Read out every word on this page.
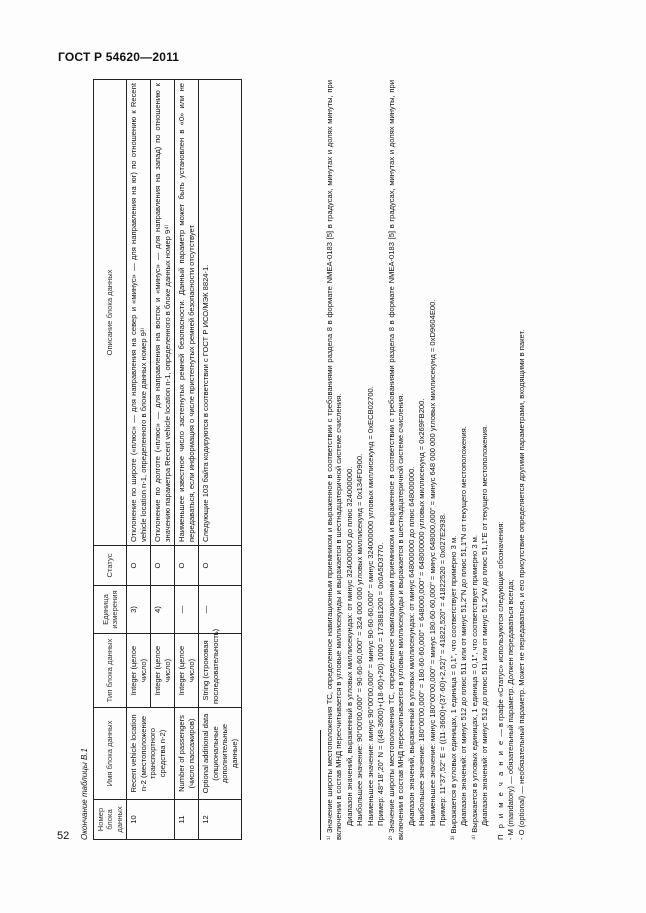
ГОСТ Р 54620—2011
Окончание таблицы В.1 Номер блока данных	Имя блока данных	Тип блока данных	Единица измерения	Статус	Описание блока данных
10	Recent vehicle location n-2 (местоположение транспортного средства n-2)	Integer (целое число)	3)	O	Отклонение по широте («плюс» — для направления на север и «минус» — для направления на юг) по отношению к Recent vehicle location n-1, определенного в блоке данных номер 9³⁾
		Integer (целое число)	4)	O	Отклонение по долготе («плюс» — для направления на восток и «минус» — для направления на запад) по отношению к значению параметра Recent vehicle location n-1, определенного в блоке данных номер 9⁴⁾
11	Number of passengers (число пассажиров)	Integer (целое число)	—	O	Наименьшее известное число застегнутых ремней безопасности. Данный параметр может быть установлен в «0» или не передаваться, если информация о числе пристегнутых ремней безопасности отсутствует
12	Optional additional data (опциональные дополнительные данные)	String (строковая последовательность)	—	O	Следующие 103 байта кодируются в соответствии с ГОСТ Р ИСО/МЭК 8824-1.	¹⁾ Значение широты местоположения ТС, определенное навигационным приемником и выраженное в соответствии с требованиями раздела 8 в формате NMEA-0183 [5] в градусах, минутах и долях минуты, при включении в состав МНД пересчитывается в угловые миллисекунды и выражается в шестнадцатеричной системе счисления. Диапазон значений, выраженный в угловых миллисекундах: от минус 324000000 до плюс 324000000. Наибольшее значение: 90°00'00,000" = 90·60·60,000" = 324 000 000 угловых миллисекунд = 0x134FD900. Наименьшее значение: минус 90°00'00,000" = минус 90·60·60,000" = минус 324000000 угловых миллисекунд = 0xECB02700. Пример: 48°18',20" N = ((48·3600)+(18·60)+20)·1000 = 173881200 = 0x0A5D3770. ²⁾ Значение широты местоположения ТС, определенное навигационным приемником и выраженное в соответствии с требованиями раздела 8 в формате NMEA-0183 [5] в градусах, минутах и долях минуты, при включении в состав МНД пересчитывается в угловые миллисекунды и выражается в шестнадцатеричной системе счисления. Диапазон значений, выраженный в угловых миллисекундах: от минус 648000000 до плюс 648000000. Наибольшее значение: 180°00'00,000" = 180·60·60,000" = 648000,000" = 648000000 угловых миллисекунд = 0x269FB200. Наименьшее значение: минус 180°00'00,000" = минус 180·60·60,000" = минус 648000,000" = минус 648 000 000 угловых миллисекунд = 0xD9604E00. Пример: 11°37',52" E = ((11·3600)+(37·60)+2,52)" = 41822,520" = 41822520 = 0x027E2938. ³⁾ Выражается в угловых единицах, 1 единица = 0,1", что соответствует примерно 3 м. Диапазон значений: от минус 512 до плюс 511 или от минус 51,2"N до плюс 51,1"N от текущего местоположения. ⁴⁾ Выражается в угловых единицах, 1 единица = 0,1", что соответствует примерно 3 м. Диапазон значений: от минус 512 до плюс 511 или от минус 51,2"W до плюс 51,1"E от текущего местоположения. П р и м е ч а н и е — в графе «Статус» используются следующие обозначения: - M (mandatory) — обязательный параметр. Должен передаваться всегда; - O (optional) — необязательный параметр. Может не передаваться, и его присутствие определяется другими параметрами, входящими в пакет.

52
